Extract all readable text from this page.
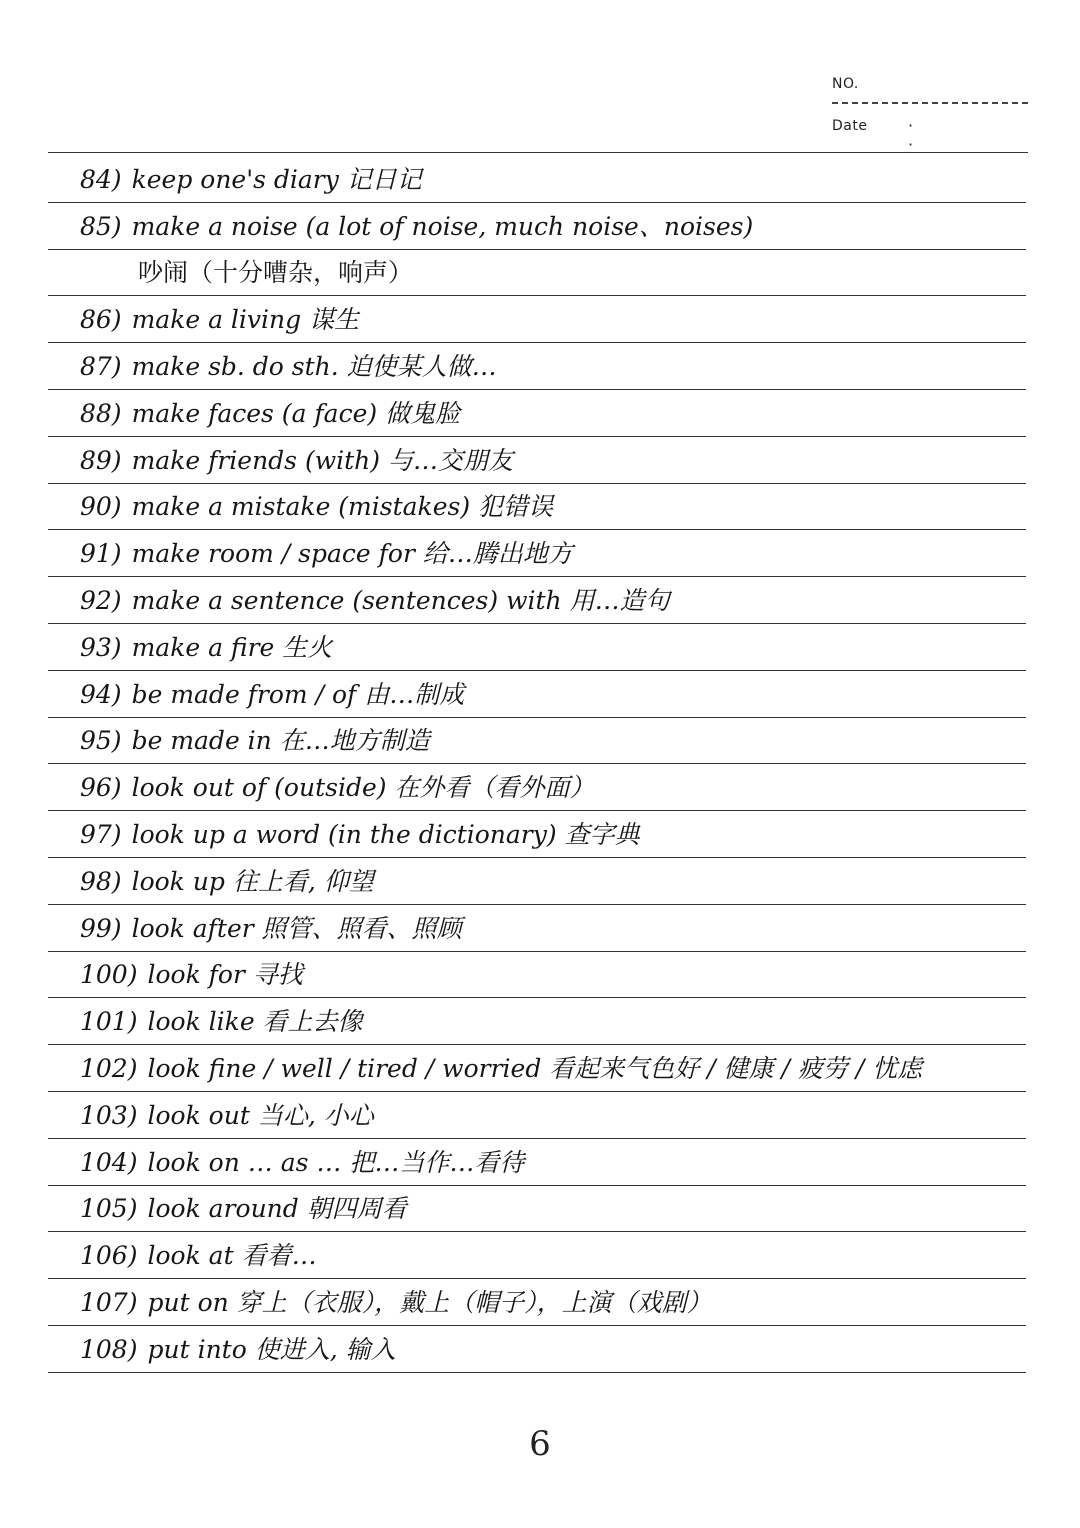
NO.
Date	· ·
84) keep one's diary 记日记
85) make a noise (a lot of noise, much noise、noises)
吵闹（十分嘈杂，响声）
86) make a living 谋生
87) make sb. do sth. 迫使某人做…
88) make faces (a face) 做鬼脸
89) make friends (with) 与…交朋友
90) make a mistake (mistakes) 犯错误
91) make room / space for 给…腾出地方
92) make a sentence (sentences) with 用…造句
93) make a fire 生火
94) be made from / of 由…制成
95) be made in 在…地方制造
96) look out of (outside) 在外看（看外面）
97) look up a word (in the dictionary) 查字典
98) look up 往上看, 仰望
99) look after 照管、照看、照顾
100) look for 寻找
101) look like 看上去像
102) look fine / well / tired / worried 看起来气色好 / 健康 / 疲劳 / 忧虑
103) look out 当心, 小心
104) look on … as … 把…当作…看待
105) look around 朝四周看
106) look at 看着…
107) put on 穿上（衣服），戴上（帽子），上演（戏剧）
108) put into 使进入, 输入
6
